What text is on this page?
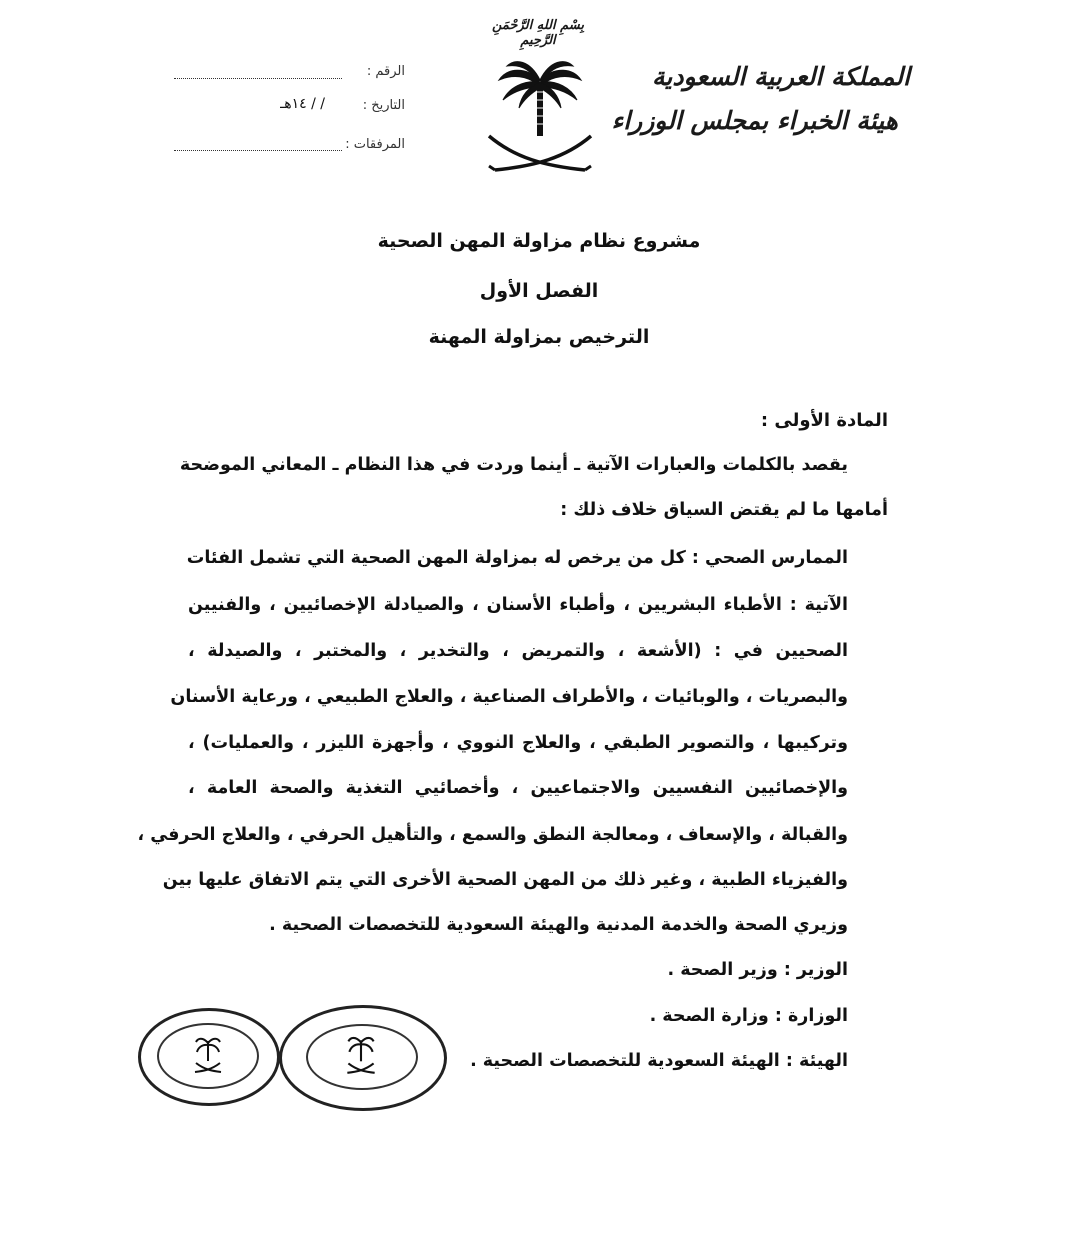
بِسْمِ اللهِ الرَّحْمَنِ الرَّحِيمِ
المملكة العربية السعودية
هيئة الخبراء بمجلس الوزراء
الرقم :
التاريخ :
/ / ١٤هـ
المرفقات :
مشروع نظام مزاولة المهن الصحية
الفصل الأول
الترخيص بمزاولة المهنة
المادة الأولى :
يقصد بالكلمات والعبارات الآتية ـ أينما وردت في هذا النظام ـ المعاني الموضحة
أمامها ما لم يقتض السياق خلاف ذلك :
الممارس الصحي : كل من يرخص له بمزاولة المهن الصحية التي تشمل الفئات
الآتية : الأطباء البشريين ، وأطباء الأسنان ، والصيادلة الإخصائيين ، والفنيين
الصحيين في : (الأشعة ، والتمريض ، والتخدير ، والمختبر ، والصيدلة ،
والبصريات ، والوبائيات ، والأطراف الصناعية ، والعلاج الطبيعي ، ورعاية الأسنان
وتركيبها ، والتصوير الطبقي ، والعلاج النووي ، وأجهزة الليزر ، والعمليات) ،
والإخصائيين النفسيين والاجتماعيين ، وأخصائيي التغذية والصحة العامة ،
والقبالة ، والإسعاف ، ومعالجة النطق والسمع ، والتأهيل الحرفي ، والعلاج الحرفي ،
والفيزياء الطبية ، وغير ذلك من المهن الصحية الأخرى التي يتم الاتفاق عليها بين
وزيري الصحة والخدمة المدنية والهيئة السعودية للتخصصات الصحية .
الوزير : وزير الصحة .
الوزارة : وزارة الصحة .
الهيئة : الهيئة السعودية للتخصصات الصحية .
